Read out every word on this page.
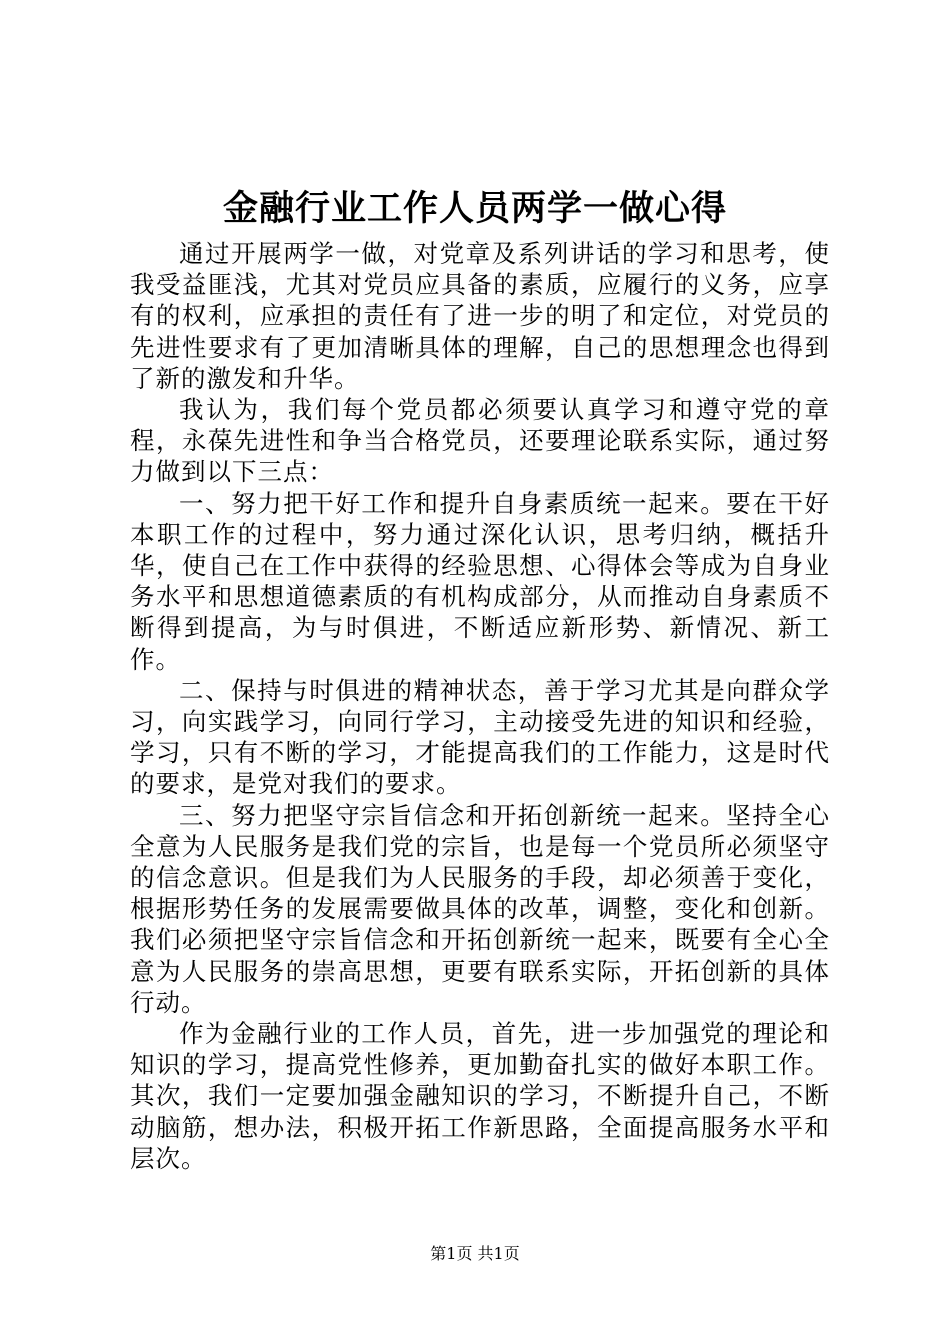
金融行业工作人员两学一做心得

通过开展两学一做，对党章及系列讲话的学习和思考，使我受益匪浅，尤其对党员应具备的素质，应履行的义务，应享有的权利，应承担的责任有了进一步的明了和定位，对党员的先进性要求有了更加清晰具体的理解，自己的思想理念也得到了新的激发和升华。

我认为，我们每个党员都必须要认真学习和遵守党的章程，永葆先进性和争当合格党员，还要理论联系实际，通过努力做到以下三点：

一、努力把干好工作和提升自身素质统一起来。要在干好本职工作的过程中，努力通过深化认识，思考归纳，概括升华，使自己在工作中获得的经验思想、心得体会等成为自身业务水平和思想道德素质的有机构成部分，从而推动自身素质不断得到提高，为与时俱进，不断适应新形势、新情况、新工作。

二、保持与时俱进的精神状态，善于学习尤其是向群众学习，向实践学习，向同行学习，主动接受先进的知识和经验，学习，只有不断的学习，才能提高我们的工作能力，这是时代的要求，是党对我们的要求。

三、努力把坚守宗旨信念和开拓创新统一起来。坚持全心全意为人民服务是我们党的宗旨，也是每一个党员所必须坚守的信念意识。但是我们为人民服务的手段，却必须善于变化，根据形势任务的发展需要做具体的改革，调整，变化和创新。我们必须把坚守宗旨信念和开拓创新统一起来，既要有全心全意为人民服务的崇高思想，更要有联系实际，开拓创新的具体行动。

作为金融行业的工作人员，首先，进一步加强党的理论和知识的学习，提高党性修养，更加勤奋扎实的做好本职工作。其次，我们一定要加强金融知识的学习，不断提升自己，不断动脑筋，想办法，积极开拓工作新思路，全面提高服务水平和层次。

第1页 共1页
